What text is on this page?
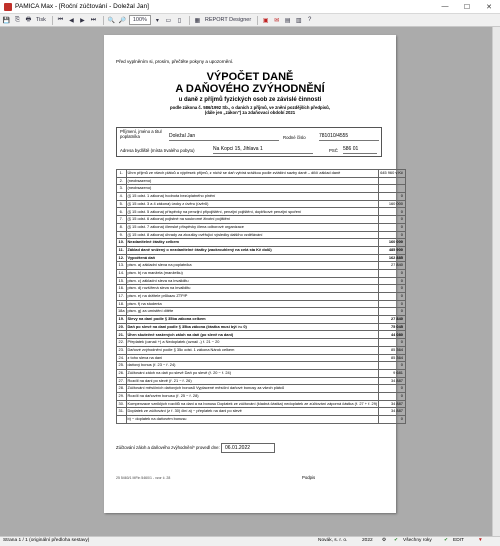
PAMICA Max - [Roční zúčtování - Doležal Jan]	—	☐	✕
💾 ⎘ 🖶 Tisk ⏮ ◀	▶ ⏭ 🔍 🔎	100%	▾	▭	▯	▦ REPORT Designer ▣ ✉ ▤ ▥	?
Před vyplněním si, prosím, přečtěte pokyny a upozornění.
VÝPOČET DANĚ
A DAŇOVÉHO ZVÝHODNĚNÍ
u daně z příjmů fyzických osob ze závislé činnosti
podle zákona č. 586/1992 Sb., o daních z příjmů, ve znění pozdějších předpisů,
(dále jen „zákon") za zdaňovací období 2021
Příjmení, jméno a titul poplatníka	Doležal Jan	Rodné číslo	781010/4555
Adresa bydliště (místa trvalého pobytu)	Na Kopci 15, Jihlava 1	PSČ 586 01
1.	Úhrn příjmů ze všech plátců a výpřesek příjmů, z nichž se daň vybírá srážkou podle zvláštní sazby daně – dílčí základ daně	645 960 v Kč
2.	(neobsazeno)	
3.	(neobsazeno)	
4.	(§ 15 odst. 1 zákona) hodnota bezúplatného plnění	0
5.	(§ 15 odst. 3 a 4 zákona) úroky z úvěru (úvěrů)	160 000
6.	(§ 15 odst. 5 zákona) příspěvky na penzijní připojištění, penzijní pojištění, doplňkové penzijní spoření	0
7.	(§ 15 odst. 6 zákona) pojistné na soukromé životní pojištění	0
8.	(§ 15 odst. 7 zákona) členské příspěvky člena odborové organizace	0
9.	(§ 15 odst. 8 zákona) úhrady za zkoušky ověřující výsledky dalšího vzdělávání	0
10.	Nezdanitelné částky celkem	160 000
11.	Základ daně snížený o nezdanitelné částky (zaokrouhlený na celá sta Kč dolů)	485 900
12.	Vypočtená daň	162 885
13.	pism. a) základní sleva na poplatníka	27 840
14.	pism. b) na manžela (manželku)	0
15.	pism. c) základní sleva na invaliditu	0
16.	pism. d) rozšířená sleva na invaliditu	0
17.	pism. e) na držitele průkazu ZTP/P	0
18.	pism. f) na studenta	0
18a	pism. g) za umístění dítěte	0
19.	Slevy na dani podle § 35ba zákona celkem	27 840
20.	Daň po slevě na dani podle § 35ba zákona (částka musí být >= 0)	75 045
21.	Úhrn skutečně sražených záloh na daň (po slevě na dani)	44 080
22.	Přeplatek (označ +) a Nedoplatek (označ -) ř. 21 − 20	0
23.	Daňové zvýhodnění podle § 35c odst. 1 zákona Nárok celkem	85 364
24.	z toho sleva na dani	85 364
25.	daňový bonus (ř. 23 − ř. 24)	0
26.	Zúčtování záloh na daň po slevě Daň po slevě (ř. 20 − ř. 24)	9 681
27.	Rozdíl na dani po slevě (ř. 21 − ř. 26)	34 887
28.	Zúčtování měsíčních daňových bonusů Vyplacené měsíční daňové bonusy za všech plátců	0
29.	Rozdíl na daňovém bonusu (ř. 25 − ř. 28)	0
30.	Kompenzace vzniklých rozdílů na dani a na bonusu Doplatek ze zúčtování (kladná částka) nedoplatek ze zúčtování záporná částka (ř. 27 + ř. 29)	34 887
31.	Doplatek ze zúčtování (z ř. 30) činí a) − přeplatek na dani po slevě	34 887
	b) − doplatek na daňovém bonusu	0
Zúčtování záloh a daňového zvýhodnění* provedl dne:	06.01.2022
25 5460/1 MFin 5460/1 - vzor č. 28	Podpis
Strana 1 / 1 (originální předloha sestavy)	Novák, s. r. o.	2022 ⚙ ✔ Všechny roky	✔ EDIT	▼
